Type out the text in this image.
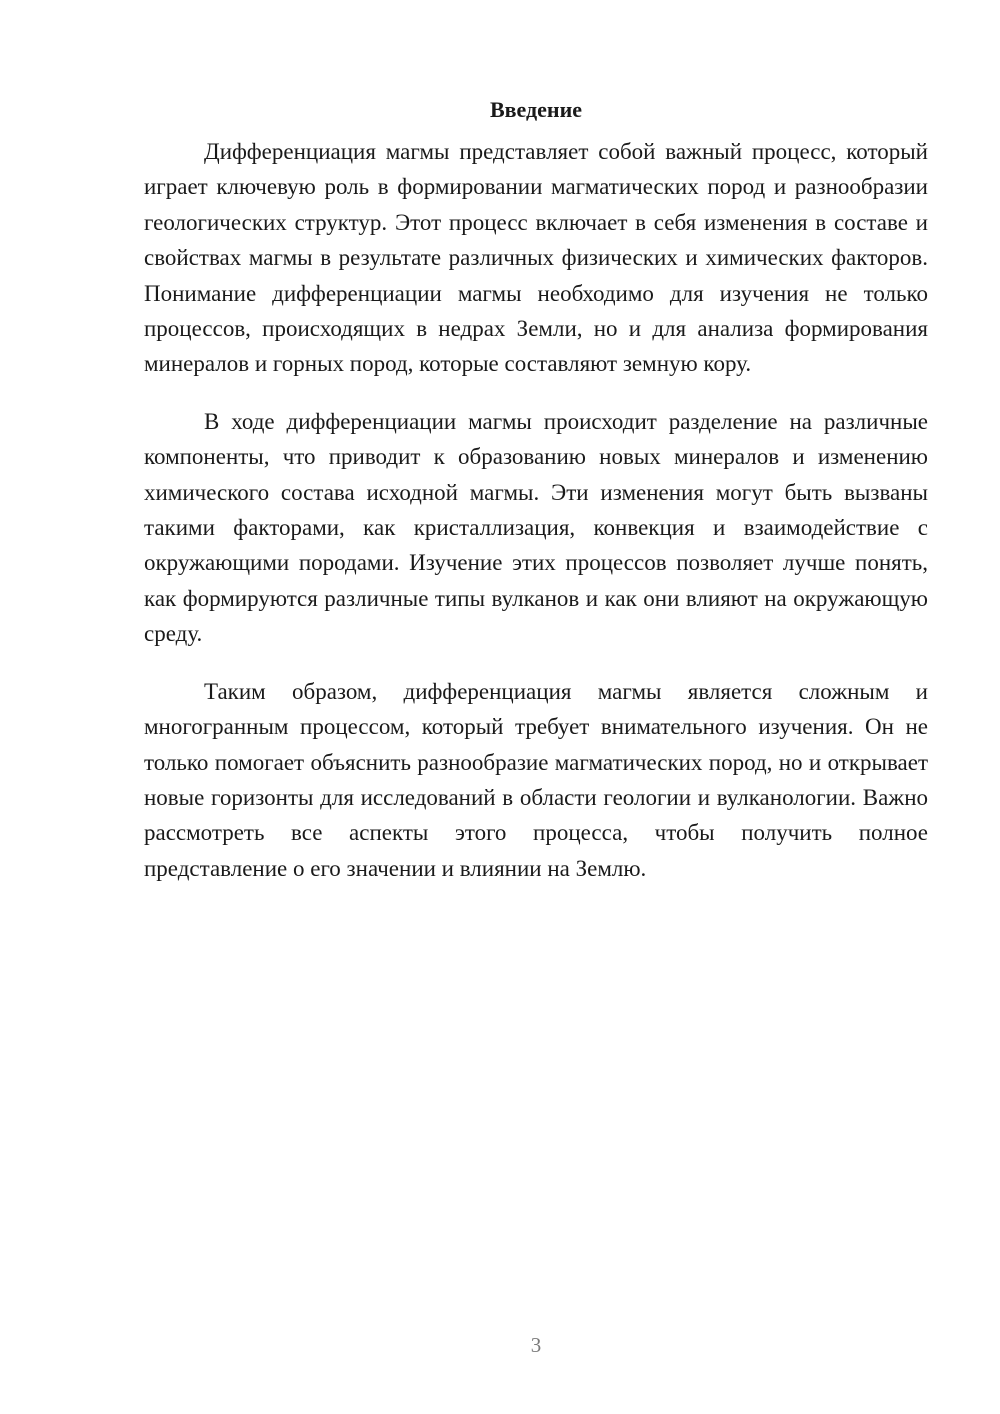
Введение

Дифференциация магмы представляет собой важный процесс, который играет ключевую роль в формировании магматических пород и разнообразии геологических структур. Этот процесс включает в себя изменения в составе и свойствах магмы в результате различных физических и химических факторов. Понимание дифференциации магмы необходимо для изучения не только процессов, происходящих в недрах Земли, но и для анализа формирования минералов и горных пород, которые составляют земную кору.

В ходе дифференциации магмы происходит разделение на различные компоненты, что приводит к образованию новых минералов и изменению химического состава исходной магмы. Эти изменения могут быть вызваны такими факторами, как кристаллизация, конвекция и взаимодействие с окружающими породами. Изучение этих процессов позволяет лучше понять, как формируются различные типы вулканов и как они влияют на окружающую среду.

Таким образом, дифференциация магмы является сложным и многогранным процессом, который требует внимательного изучения. Он не только помогает объяснить разнообразие магматических пород, но и открывает новые горизонты для исследований в области геологии и вулканологии. Важно рассмотреть все аспекты этого процесса, чтобы получить полное представление о его значении и влиянии на Землю.

3
